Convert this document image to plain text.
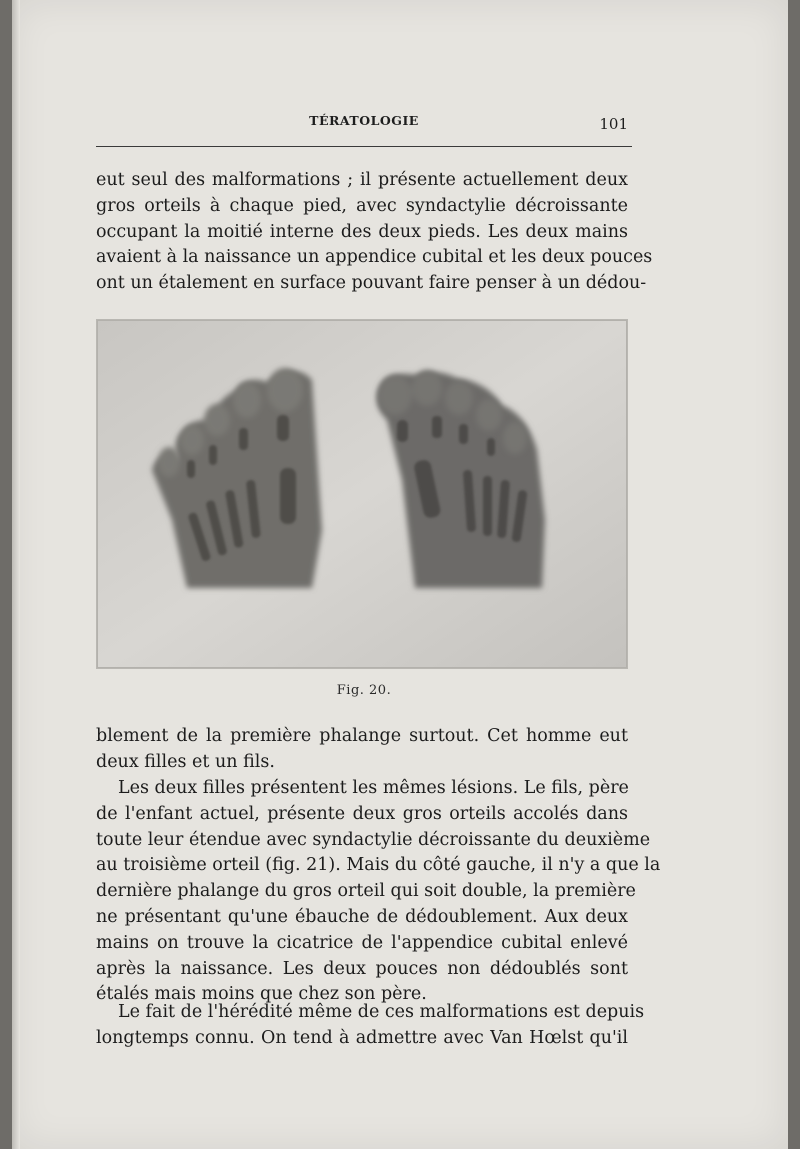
TÉRATOLOGIE	101
eut seul des malformations ; il présente actuellement deux
gros orteils à chaque pied, avec syndactylie décroissante
occupant la moitié interne des deux pieds. Les deux mains
avaient à la naissance un appendice cubital et les deux pouces
ont un étalement en surface pouvant faire penser à un dédou-
Fig. 20.
blement de la première phalange surtout. Cet homme eut
deux filles et un fils.
Les deux filles présentent les mêmes lésions. Le fils, père
de l'enfant actuel, présente deux gros orteils accolés dans
toute leur étendue avec syndactylie décroissante du deuxième
au troisième orteil (fig. 21). Mais du côté gauche, il n'y a que la
dernière phalange du gros orteil qui soit double, la première
ne présentant qu'une ébauche de dédoublement. Aux deux
mains on trouve la cicatrice de l'appendice cubital enlevé
après la naissance. Les deux pouces non dédoublés sont
étalés mais moins que chez son père.
Le fait de l'hérédité même de ces malformations est depuis
longtemps connu. On tend à admettre avec Van Hœlst qu'il
